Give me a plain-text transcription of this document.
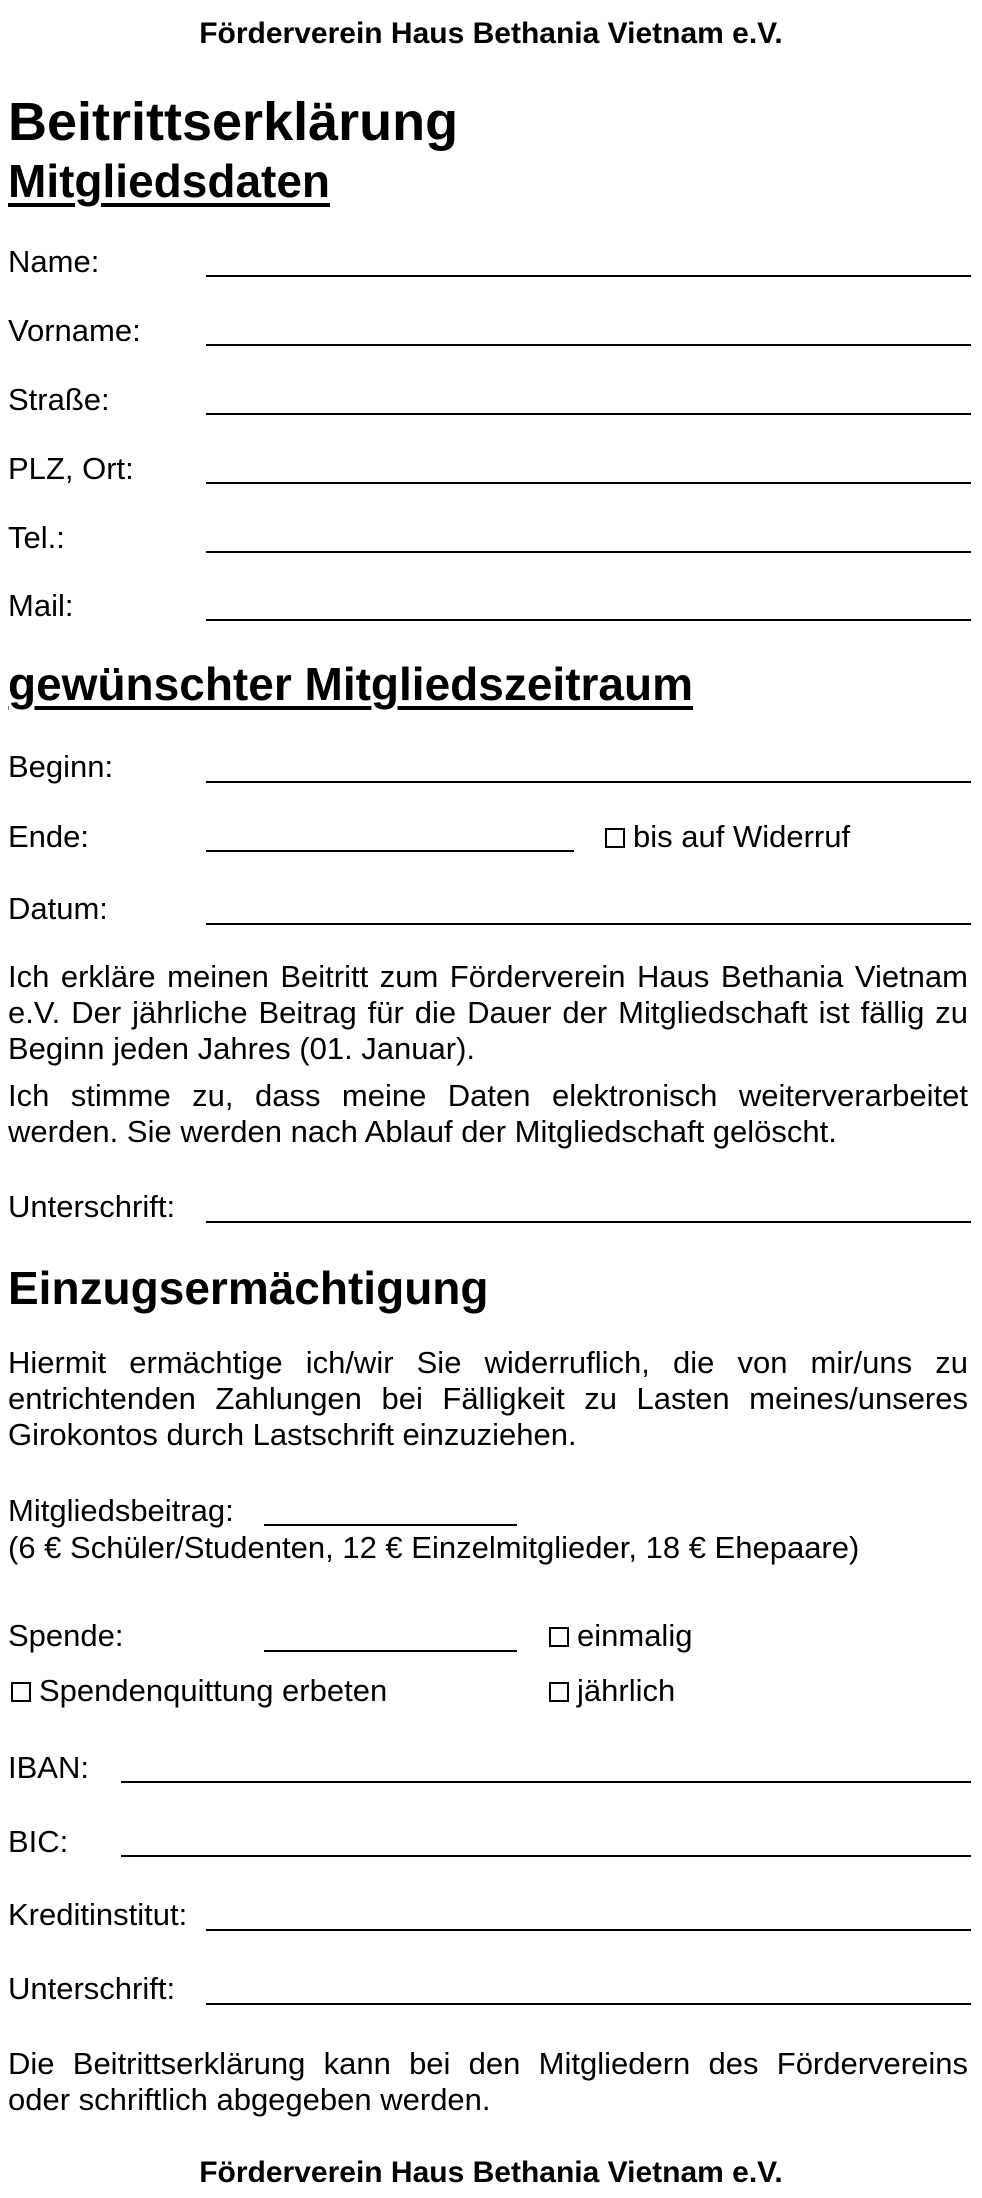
Förderverein Haus Bethania Vietnam e.V.
Beitrittserklärung
Mitgliedsdaten
Name:
Vorname:
Straße:
PLZ, Ort:
Tel.:
Mail:
gewünschter Mitgliedszeitraum
Beginn:
Ende:	bis auf Widerruf
Datum:
Ich erkläre meinen Beitritt zum Förderverein Haus Bethania Vietnam e.V. Der jährliche Beitrag für die Dauer der Mitgliedschaft ist fällig zu Beginn jeden Jahres (01. Januar).
Ich stimme zu, dass meine Daten elektronisch weiterverarbeitet werden. Sie werden nach Ablauf der Mitgliedschaft gelöscht.
Unterschrift:
Einzugsermächtigung
Hiermit ermächtige ich/wir Sie widerruflich, die von mir/uns zu entrichtenden Zahlungen bei Fälligkeit zu Lasten meines/unseres Girokontos durch Lastschrift einzuziehen.
Mitgliedsbeitrag:
(6 € Schüler/Studenten, 12 € Einzelmitglieder, 18 € Ehepaare)
Spende:	einmalig
Spendenquittung erbeten	jährlich
IBAN:
BIC:
Kreditinstitut:
Unterschrift:
Die Beitrittserklärung kann bei den Mitgliedern des Fördervereins oder schriftlich abgegeben werden.
Förderverein Haus Bethania Vietnam e.V.
